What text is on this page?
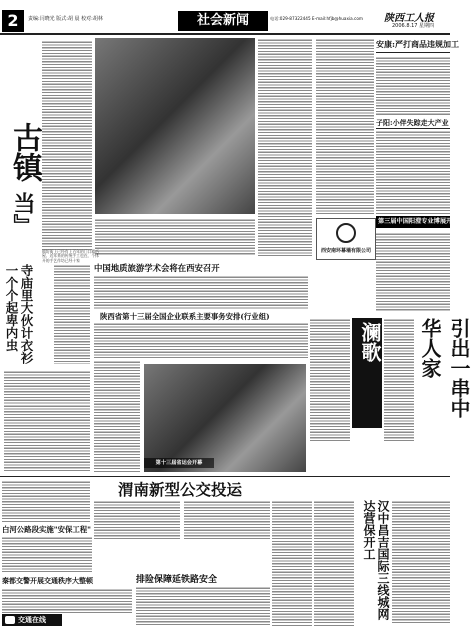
2	责编:闫晓光 版式:胡 晨 校对:胡林	社会新闻	电话:029-87322445 E-mail:hfjb@huaxia.com	陕西工人报
2006.8.17 星期四
古镇
当』
镇坊街上已经有上百年的门口精巧屋、近年来的传统手工也在、个体开的手艺作坊已经十家
西安南环幕墙有限公司
安康:严打商品违规加工
子阳:小伴失踪走大产业
第三届中国阳澄专业博展开幕
澜歌	引出一串中华人家
寺庙里大伙计衣衫一个个起卑内虫	中国地质旅游学术会将在西安召开
陕西省第十三届全国企业联系主要事务安排(行业组)
第十三届省运会开幕
渭南新型公交投运
白河公路段实施"安保工程"
秦都交警开展交通秩序大整顿	排险保障延铁路安全	汉中昌吉国际三线城网达营保开工
交通在线
